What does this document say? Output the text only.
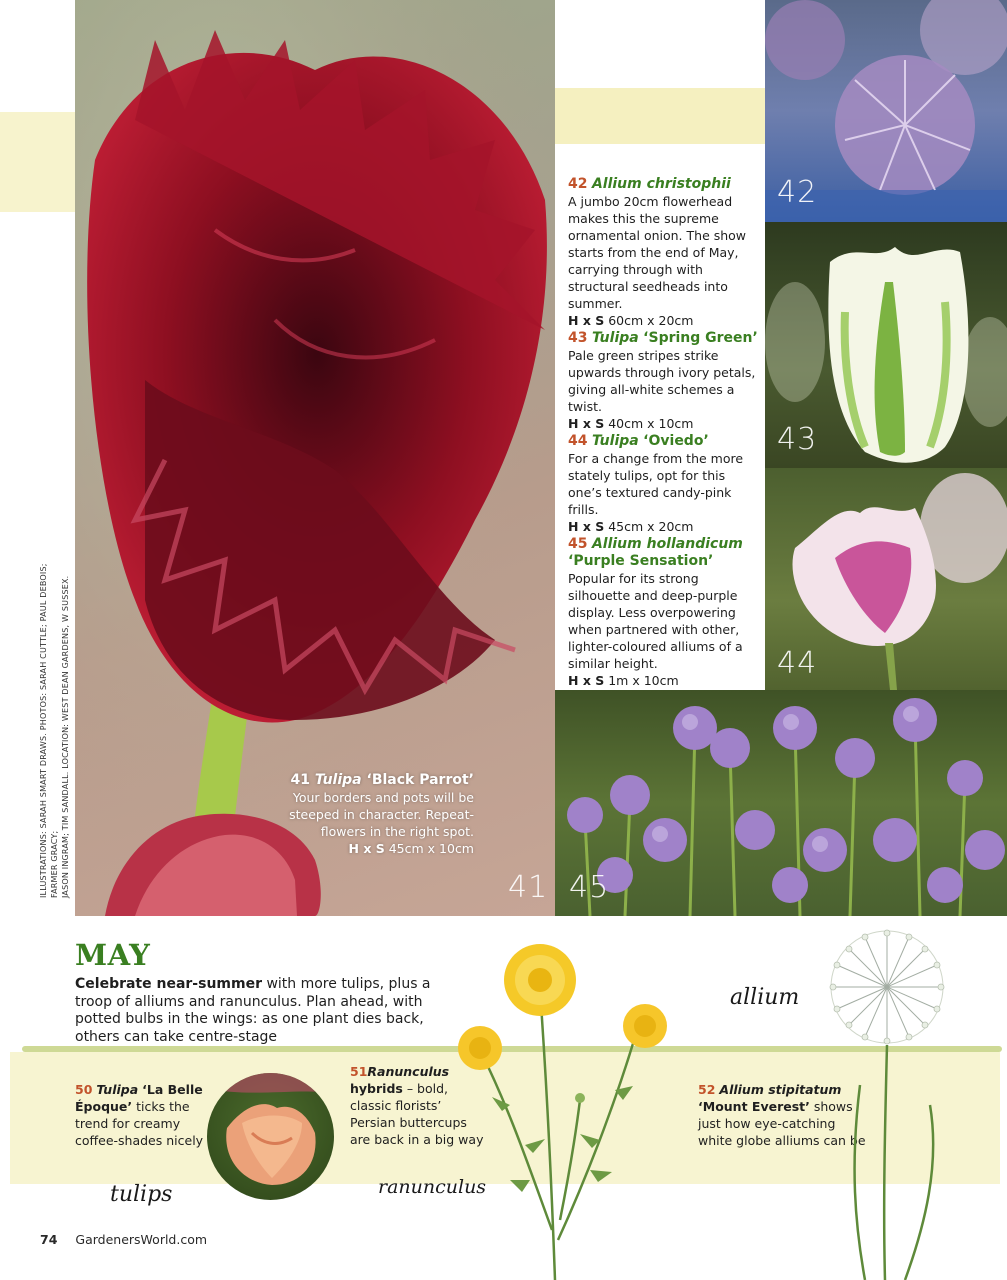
41
42
43
44
45
42 Allium christophii
A jumbo 20cm flowerhead makes this the supreme ornamental onion. The show starts from the end of May, carrying through with structural seedheads into summer.
H x S 60cm x 20cm
43 Tulipa ‘Spring Green’
Pale green stripes strike upwards through ivory petals, giving all-white schemes a twist.
H x S 40cm x 10cm
44 Tulipa ‘Oviedo’
For a change from the more stately tulips, opt for this one’s textured candy-pink frills.
H x S 45cm x 20cm
45 Allium hollandicum
‘Purple Sensation’
Popular for its strong silhouette and deep-purple display. Less overpowering when partnered with other, lighter-coloured alliums of a similar height.
H x S 1m x 10cm
41 Tulipa ‘Black Parrot’
Your borders and pots will be
steeped in character. Repeat-
flowers in the right spot.
H x S 45cm x 10cm
ILLUSTRATIONS: SARAH SMART DRAWS. PHOTOS: SARAH CUTTLE; PAUL DEBOIS; FARMER GRACY; JASON INGRAM; TIM SANDALL. LOCATION: WEST DEAN GARDENS, W SUSSEX.
MAY
Celebrate near-summer with more tulips, plus a troop of alliums and ranunculus. Plan ahead, with potted bulbs in the wings: as one plant dies back, others can take centre-stage
50 Tulipa ‘La Belle
Époque’ ticks the
trend for creamy
coffee-shades nicely
51Ranunculus
hybrids – bold,
classic florists’
Persian buttercups
are back in a big way
allium
tulips	ranunculus
52 Allium stipitatum
‘Mount Everest’ shows
just how eye-catching
white globe alliums can be
74 GardenersWorld.com
